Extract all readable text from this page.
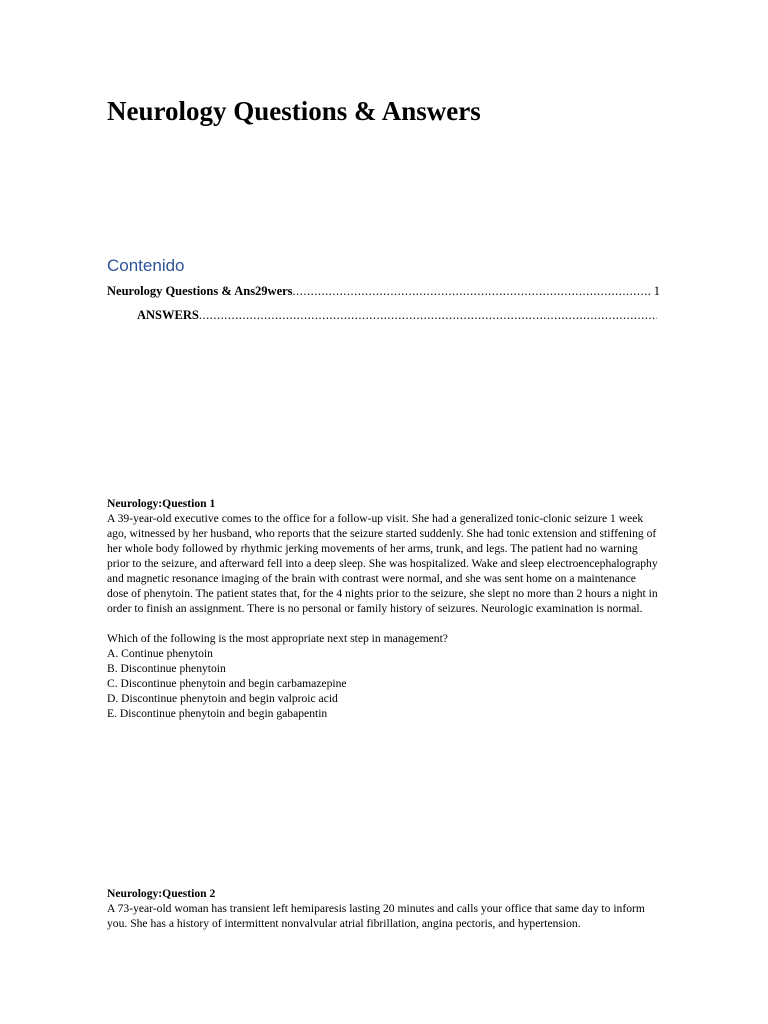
Neurology Questions & Answers
Contenido
Neurology Questions & Ans29wers
.....	1
ANSWERS
.....

Neurology:Question 1

A 39-year-old executive comes to the office for a follow-up visit. She had a generalized tonic-clonic seizure 1 week ago, witnessed by her husband, who reports that the seizure started suddenly. She had tonic extension and stiffening of her whole body followed by rhythmic jerking movements of her arms, trunk, and legs. The patient had no warning prior to the seizure, and afterward fell into a deep sleep. She was hospitalized. Wake and sleep electroencephalography and magnetic resonance imaging of the brain with contrast were normal, and she was sent home on a maintenance dose of phenytoin. The patient states that, for the 4 nights prior to the seizure, she slept no more than 2 hours a night in order to finish an assignment. There is no personal or family history of seizures. Neurologic examination is normal.

Which of the following is the most appropriate next step in management?

A. Continue phenytoin
B. Discontinue phenytoin
C. Discontinue phenytoin and begin carbamazepine
D. Discontinue phenytoin and begin valproic acid
E. Discontinue phenytoin and begin gabapentin

Neurology:Question 2

A 73-year-old woman has transient left hemiparesis lasting 20 minutes and calls your office that same day to inform you. She has a history of intermittent nonvalvular atrial fibrillation, angina pectoris, and hypertension.
